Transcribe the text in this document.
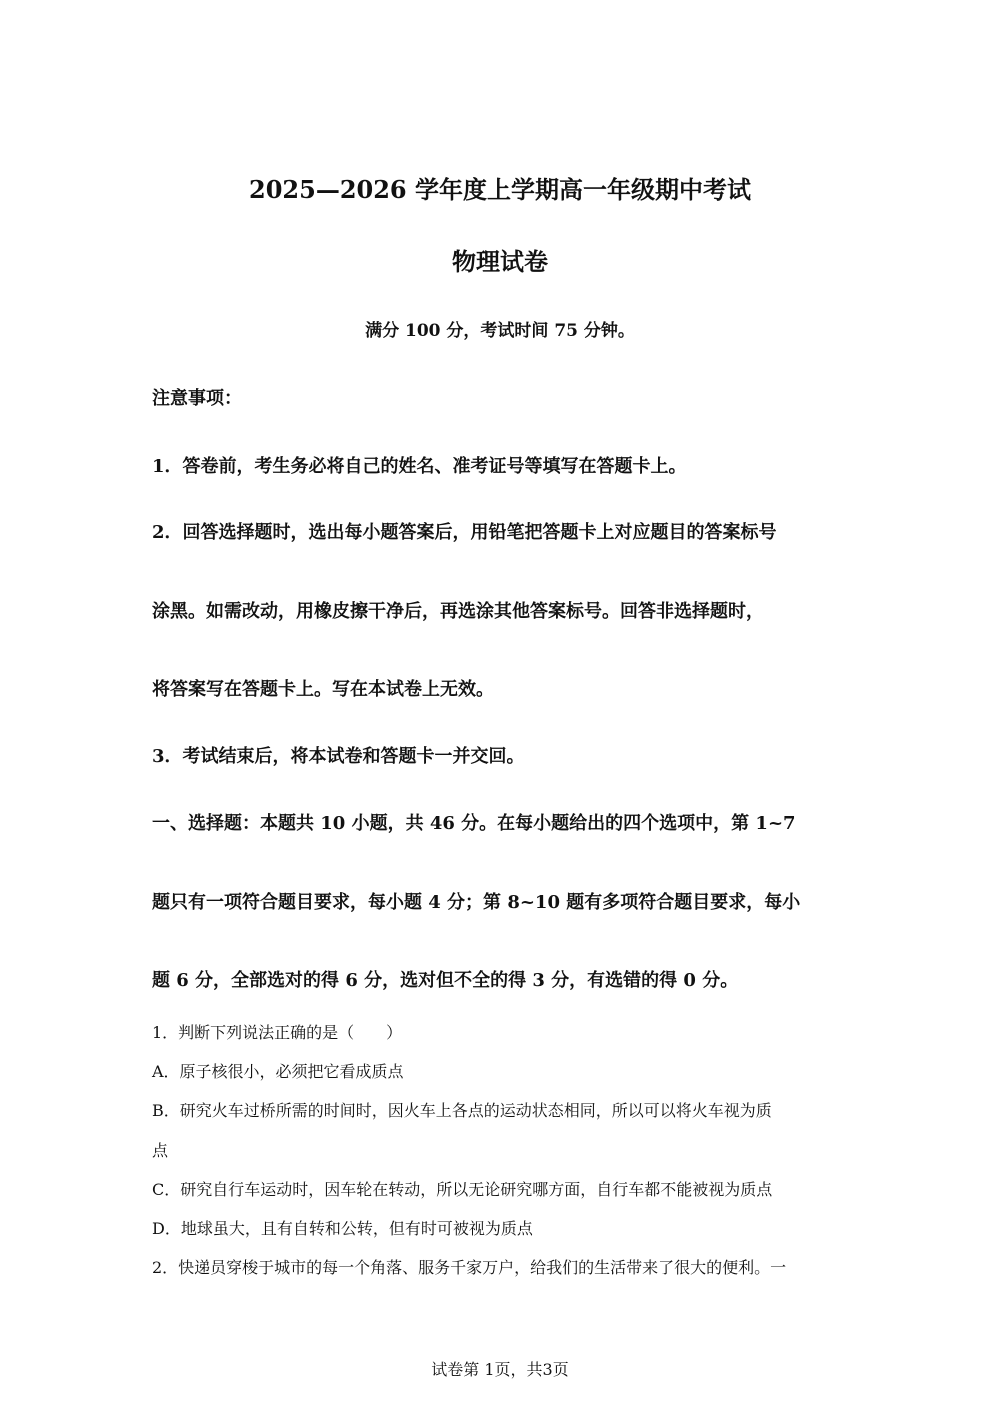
2025—2026 学年度上学期高一年级期中考试
物理试卷
满分 100 分，考试时间 75 分钟。
注意事项：
1．答卷前，考生务必将自己的姓名、准考证号等填写在答题卡上。
2．回答选择题时，选出每小题答案后，用铅笔把答题卡上对应题目的答案标号
涂黑。如需改动，用橡皮擦干净后，再选涂其他答案标号。回答非选择题时，
将答案写在答题卡上。写在本试卷上无效。
3．考试结束后，将本试卷和答题卡一并交回。
一、选择题：本题共 10 小题，共 46 分。在每小题给出的四个选项中，第 1~7
题只有一项符合题目要求，每小题 4 分；第 8~10 题有多项符合题目要求，每小
题 6 分，全部选对的得 6 分，选对但不全的得 3 分，有选错的得 0 分。
1．判断下列说法正确的是（　　）
A．原子核很小，必须把它看成质点
B．研究火车过桥所需的时间时，因火车上各点的运动状态相同，所以可以将火车视为质
点
C．研究自行车运动时，因车轮在转动，所以无论研究哪方面，自行车都不能被视为质点
D．地球虽大，且有自转和公转，但有时可被视为质点
2．快递员穿梭于城市的每一个角落、服务千家万户，给我们的生活带来了很大的便利。一
试卷第 1页，共3页
